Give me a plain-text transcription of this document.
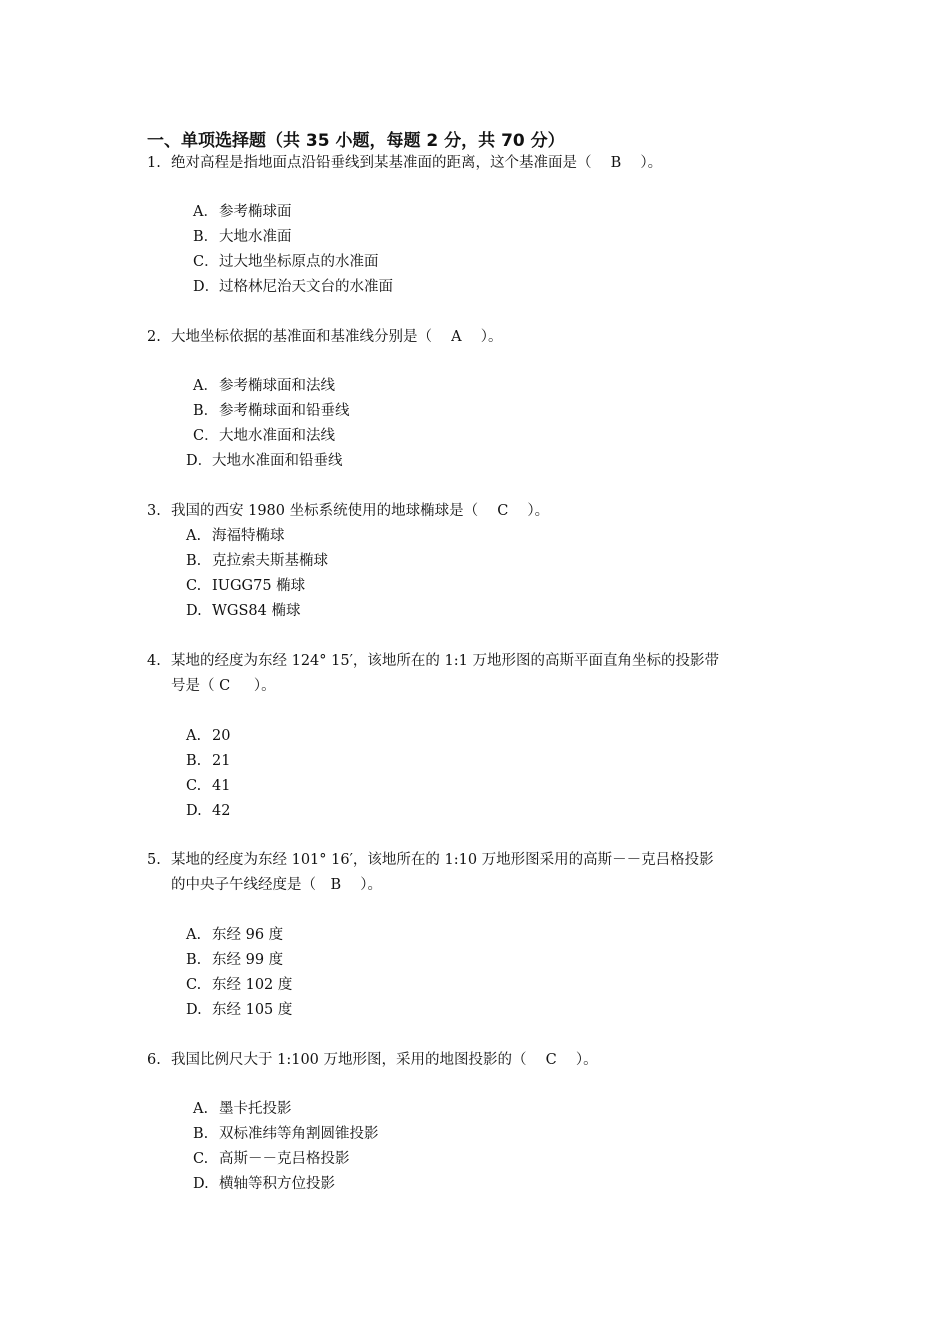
一、单项选择题（共 35 小题，每题 2 分，共 70 分）
1. 绝对高程是指地面点沿铅垂线到某基准面的距离，这个基准面是（　 B 　）。
A．参考椭球面
B．大地水准面
C．过大地坐标原点的水准面
D．过格林尼治天文台的水准面
2. 大地坐标依据的基准面和基准线分别是（　 A 　）。
A．参考椭球面和法线
B．参考椭球面和铅垂线
C．大地水准面和法线
D．大地水准面和铅垂线
3. 我国的西安 1980 坐标系统使用的地球椭球是（　 C 　）。
A. 海福特椭球
B. 克拉索夫斯基椭球
C. IUGG75 椭球
D. WGS84 椭球
4. 某地的经度为东经 124° 15′，该地所在的 1:1 万地形图的高斯平面直角坐标的投影带
号是（ C 　 ）。
A. 20
B. 21
C. 41
D. 42
5. 某地的经度为东经 101° 16′，该地所在的 1:10 万地形图采用的高斯－－克吕格投影
的中央子午线经度是（　B　 ）。
A. 东经 96 度
B. 东经 99 度
C. 东经 102 度
D. 东经 105 度
6. 我国比例尺大于 1:100 万地形图，采用的地图投影的（　 C 　）。
A. 墨卡托投影
B. 双标准纬等角割圆锥投影
C. 高斯－－克吕格投影
D. 横轴等积方位投影
